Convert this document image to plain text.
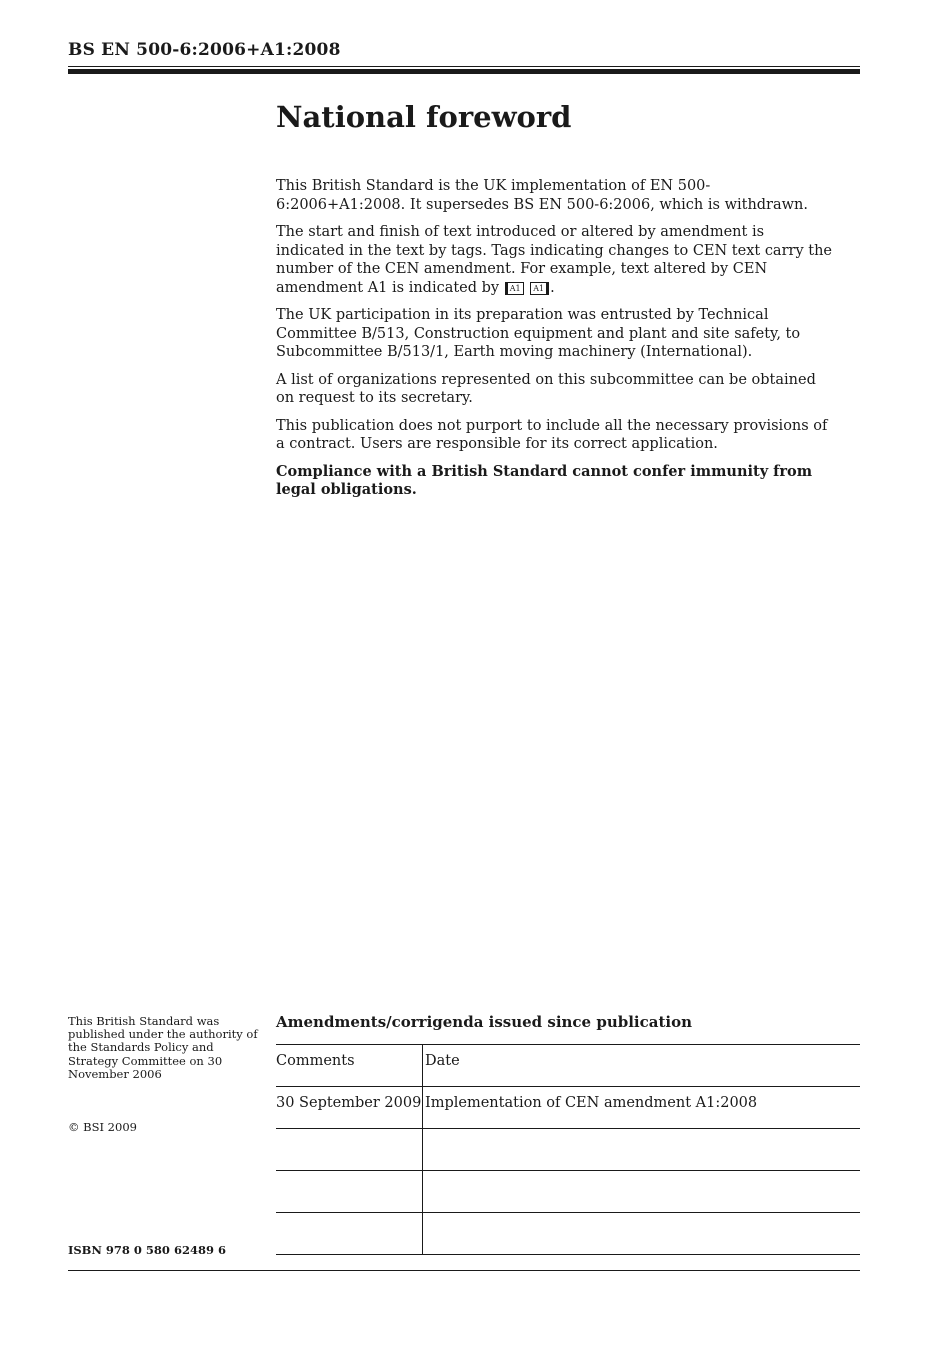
BS EN 500-6:2006+A1:2008
National foreword

This British Standard is the UK implementation of EN 500-6:2006+A1:2008. It supersedes BS EN 500-6:2006, which is withdrawn.

The start and finish of text introduced or altered by amendment is indicated in the text by tags. Tags indicating changes to CEN text carry the number of the CEN amendment. For example, text altered by CEN amendment A1 is indicated by A1 A1 .

The UK participation in its preparation was entrusted by Technical Committee B/513, Construction equipment and plant and site safety, to Subcommittee B/513/1, Earth moving machinery (International).

A list of organizations represented on this subcommittee can be obtained on request to its secretary.

This publication does not purport to include all the necessary provisions of a contract. Users are responsible for its correct application.

Compliance with a British Standard cannot confer immunity from legal obligations.

This British Standard was published under the authority of the Standards Policy and Strategy Committee on 30 November 2006
© BSI 2009
ISBN 978 0 580 62489 6
Amendments/corrigenda issued since publication
Comments	Date

30 September 2009	Implementation of CEN amendment A1:2008
